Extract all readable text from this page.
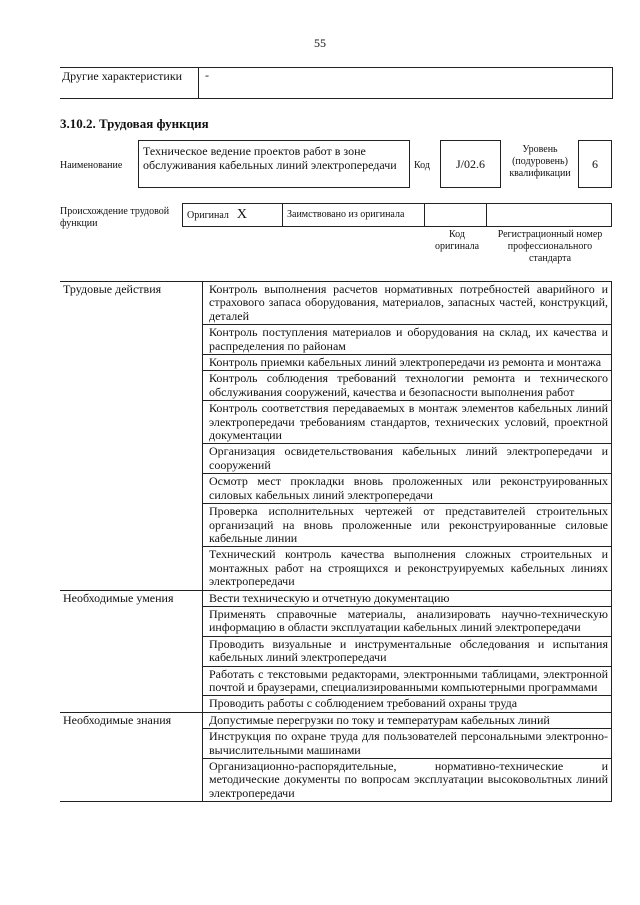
55
Другие характеристики	-
3.10.2. Трудовая функция
Наименование
Техническое ведение проектов работ в зоне обслуживания кабельных линий электропередачи	Код	J/02.6
Уровень (подуровень) квалификации
6
Происхождение трудовой функции
Оригинал X	Заимствовано из оригинала
Код оригинала
Регистрационный номер профессионального стандарта
Трудовые действия	Контроль выполнения расчетов нормативных потребностей аварийного и страхового запаса оборудования, материалов, запасных частей, конструкций, деталей
	Контроль поступления материалов и оборудования на склад, их качества и распределения по районам
	Контроль приемки кабельных линий электропередачи из ремонта и монтажа
	Контроль соблюдения требований технологии ремонта и технического обслуживания сооружений, качества и безопасности выполнения работ
	Контроль соответствия передаваемых в монтаж элементов кабельных линий электропередачи требованиям стандартов, технических условий, проектной документации
	Организация освидетельствования кабельных линий электропередачи и сооружений
	Осмотр мест прокладки вновь проложенных или реконструированных силовых кабельных линий электропередачи
	Проверка исполнительных чертежей от представителей строительных организаций на вновь проложенные или реконструированные силовые кабельные линии
	Технический контроль качества выполнения сложных строительных и монтажных работ на строящихся и реконструируемых кабельных линиях электропередачи
Необходимые умения	Вести техническую и отчетную документацию
	Применять справочные материалы, анализировать научно-техническую информацию в области эксплуатации кабельных линий электропередачи
	Проводить визуальные и инструментальные обследования и испытания кабельных линий электропередачи
	Работать с текстовыми редакторами, электронными таблицами, электронной почтой и браузерами, специализированными компьютерными программами
	Проводить работы с соблюдением требований охраны труда
Необходимые знания	Допустимые перегрузки по току и температурам кабельных линий
	Инструкция по охране труда для пользователей персональными электронно-вычислительными машинами
	Организационно-распорядительные, нормативно-технические и методические документы по вопросам эксплуатации высоковольтных линий электропередачи
